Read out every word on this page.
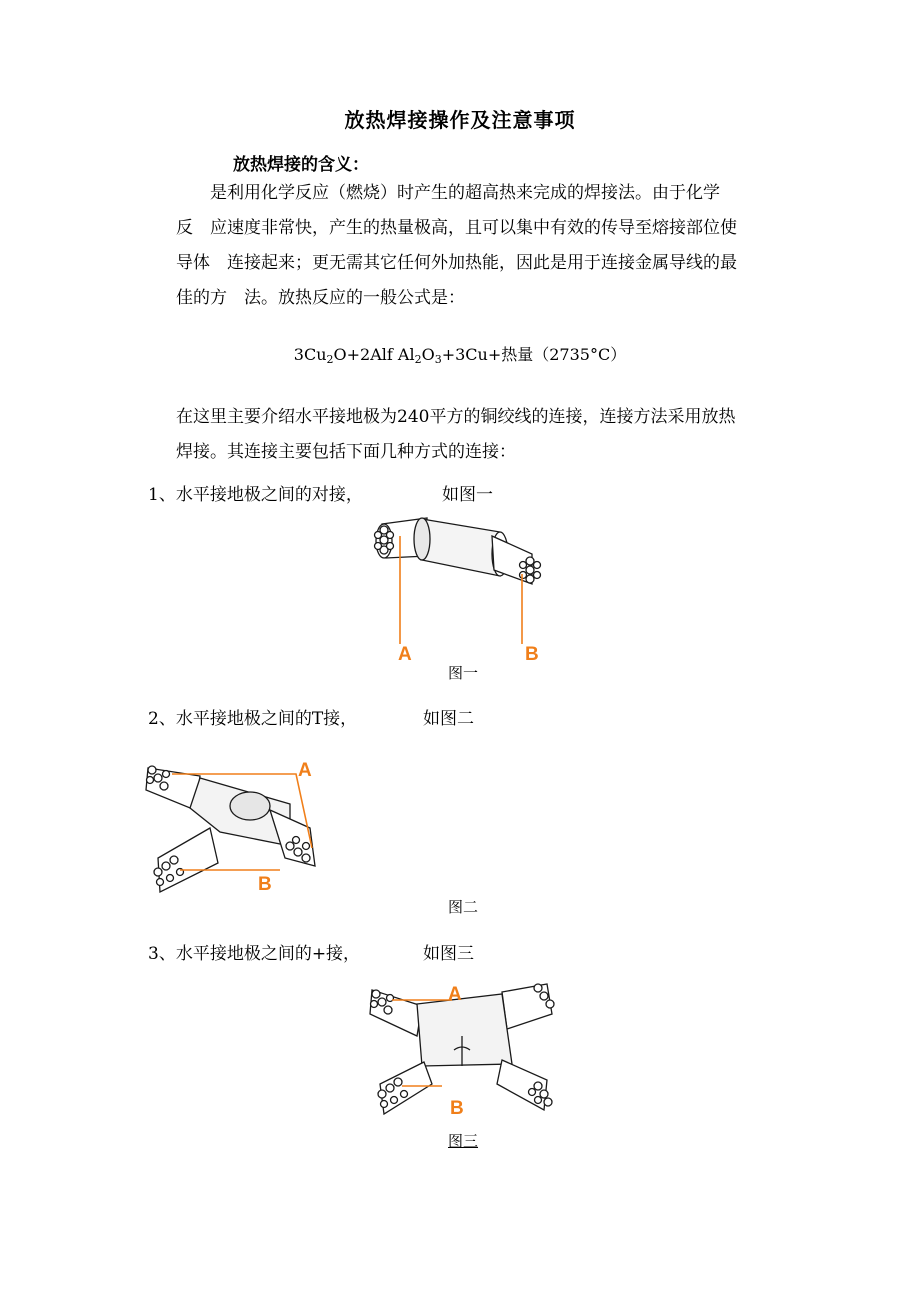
放热焊接操作及注意事项
放热焊接的含义：
　　是利用化学反应（燃烧）时产生的超高热来完成的焊接法。由于化学
反　应速度非常快，产生的热量极高，且可以集中有效的传导至熔接部位使
导体　连接起来；更无需其它任何外加热能，因此是用于连接金属导线的最
佳的方　法。放热反应的一般公式是：
$3Cu_2O+2Alf$ $Al_2O_3+3Cu+$热量（2735°C）
在这里主要介绍水平接地极为240平方的铜绞线的连接，连接方法采用放热
焊接。其连接主要包括下面几种方式的连接：
1、水平接地极之间的对接，	如图一
A	B
图一
2、水平接地极之间的T接，	如图二
A
B
图二
3、水平接地极之间的+接，	如图三
A
B
图三
